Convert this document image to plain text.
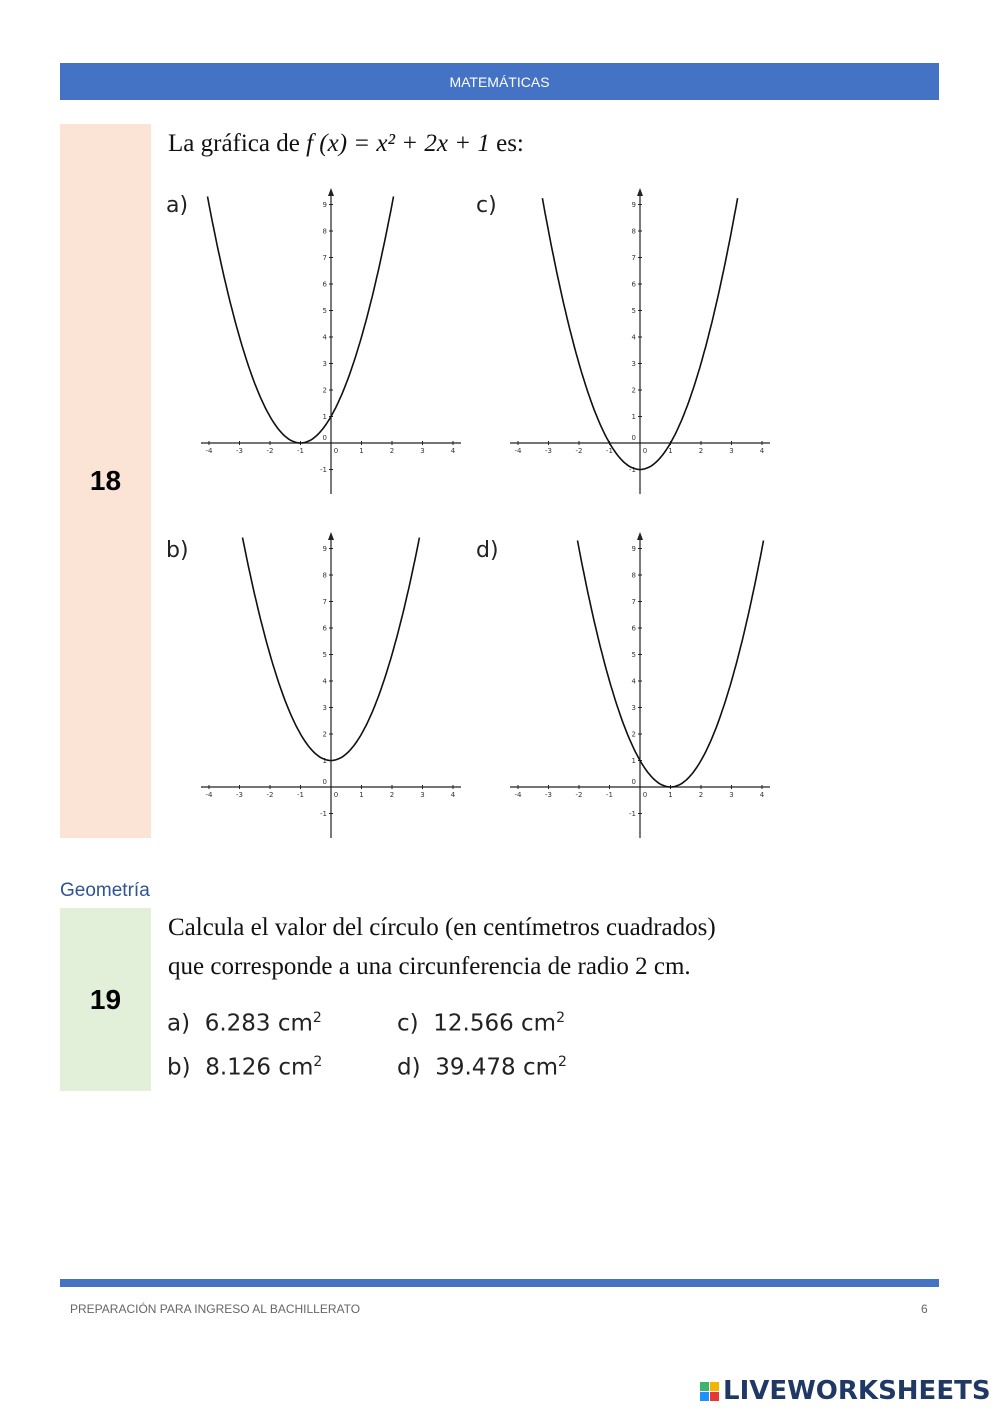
MATEMÁTICAS
18
La gráfica de f (x) = x² + 2x + 1 es:
a)	c)
b)	d)
-4	-3	-2	-1	0	1	2	3	4
-1
0
1
2
3
4
5
6
7
8
9
-4	-3	-2	-1	0	1	2	3	4
-1
0
1
2
3
4
5
6
7
8
9
-4	-3	-2	-1	0	1	2	3	4
-1
0
1
2
3
4
5
6
7
8
9
-4	-3	-2	-1	0	1	2	3	4
-1
0
1
2
3
4
5
6
7
8
9
Geometría
19
Calcula el valor del círculo (en centímetros cuadrados)
que corresponde a una circunferencia de radio 2 cm.
a) 6.283 $cm^2$	c) 12.566 $cm^2$
b) 8.126 $cm^2$	d) 39.478 $cm^2$
PREPARACIÓN PARA INGRESO AL BACHILLERATO	6
LIVEWORKSHEETS
